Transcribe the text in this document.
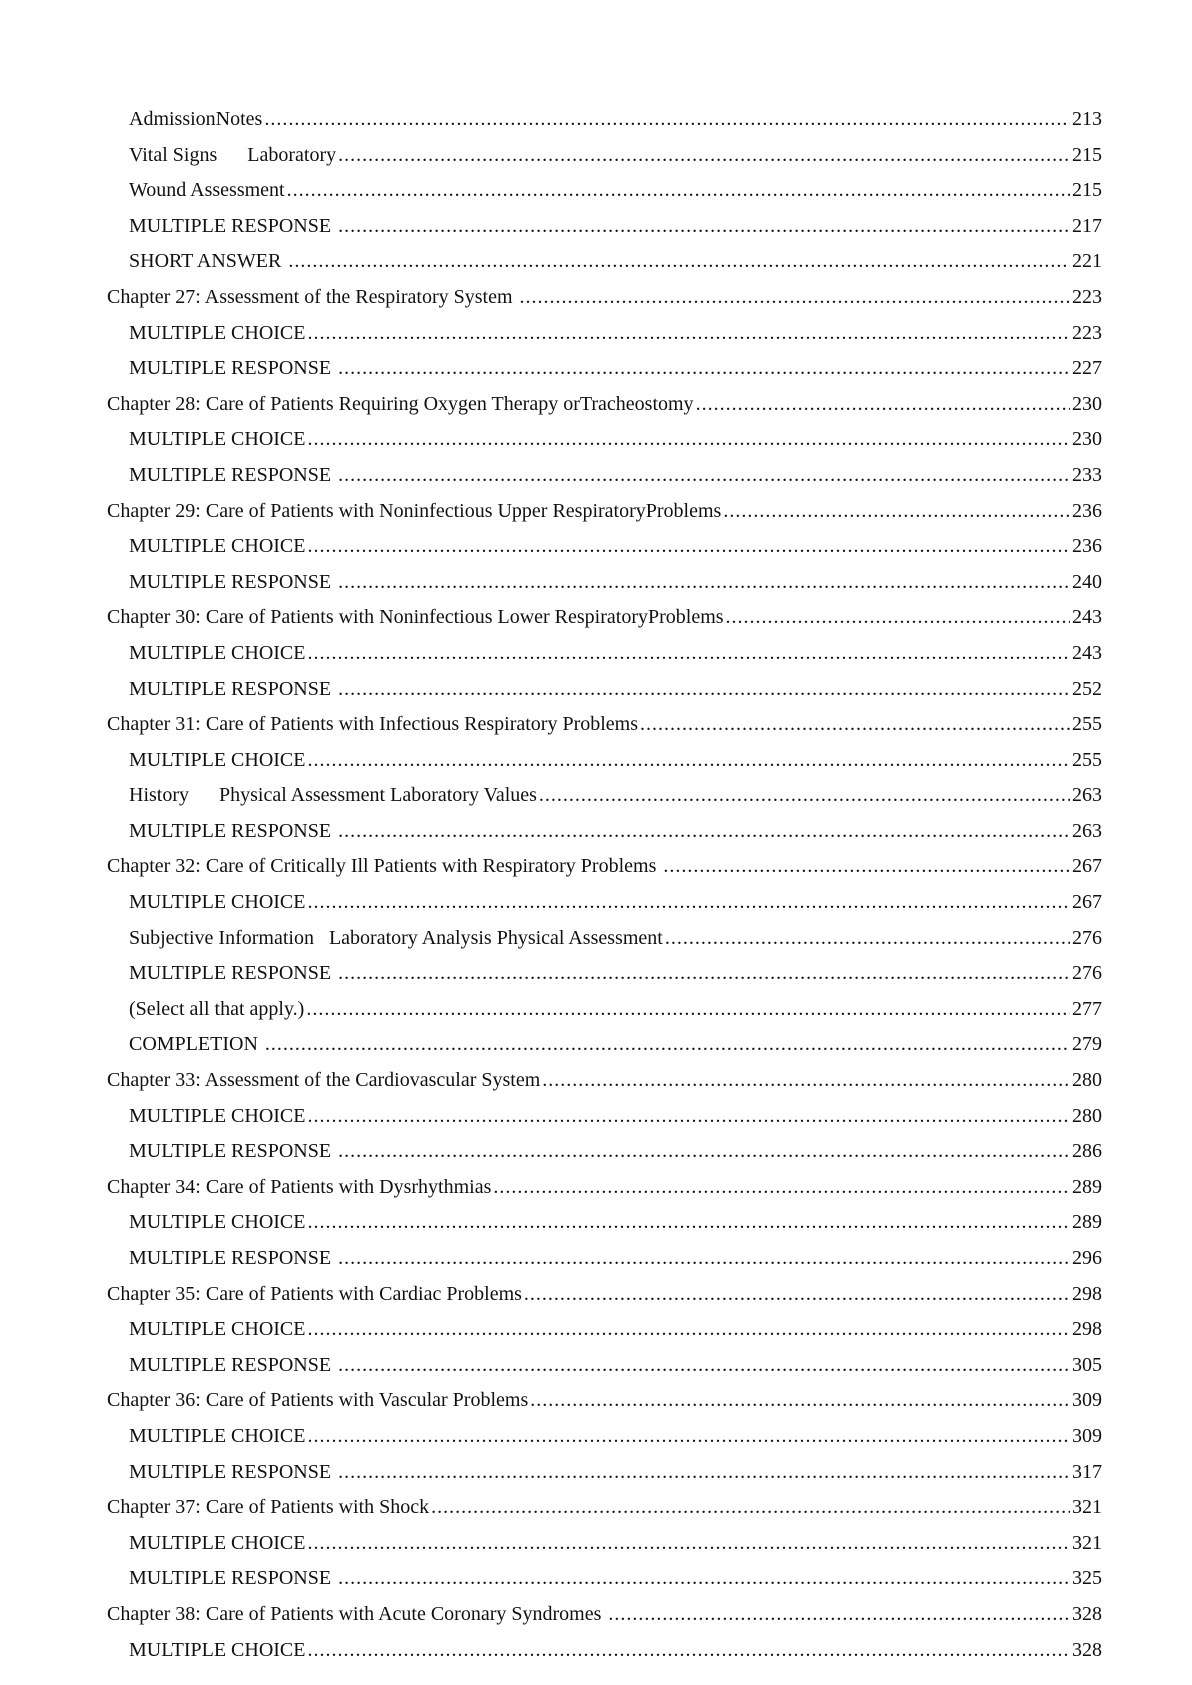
AdmissionNotes .....	213
Vital Signs      Laboratory .....	215
Wound Assessment .....	215
MULTIPLE RESPONSE .....	217
SHORT ANSWER .....	221
Chapter 27: Assessment of the Respiratory System .....	223
MULTIPLE CHOICE .....	223
MULTIPLE RESPONSE .....	227
Chapter 28: Care of Patients Requiring Oxygen Therapy orTracheostomy .....	230
MULTIPLE CHOICE .....	230
MULTIPLE RESPONSE .....	233
Chapter 29: Care of Patients with Noninfectious Upper RespiratoryProblems .....	236
MULTIPLE CHOICE .....	236
MULTIPLE RESPONSE .....	240
Chapter 30: Care of Patients with Noninfectious Lower RespiratoryProblems .....	243
MULTIPLE CHOICE .....	243
MULTIPLE RESPONSE .....	252
Chapter 31: Care of Patients with Infectious Respiratory Problems .....	255
MULTIPLE CHOICE .....	255
History      Physical Assessment Laboratory Values .....	263
MULTIPLE RESPONSE .....	263
Chapter 32: Care of Critically Ill Patients with Respiratory Problems .....	267
MULTIPLE CHOICE .....	267
Subjective Information   Laboratory Analysis Physical Assessment .....	276
MULTIPLE RESPONSE .....	276
(Select all that apply.) .....	277
COMPLETION .....	279
Chapter 33: Assessment of the Cardiovascular System .....	280
MULTIPLE CHOICE .....	280
MULTIPLE RESPONSE .....	286
Chapter 34: Care of Patients with Dysrhythmias .....	289
MULTIPLE CHOICE .....	289
MULTIPLE RESPONSE .....	296
Chapter 35: Care of Patients with Cardiac Problems .....	298
MULTIPLE CHOICE .....	298
MULTIPLE RESPONSE .....	305
Chapter 36: Care of Patients with Vascular Problems .....	309
MULTIPLE CHOICE .....	309
MULTIPLE RESPONSE .....	317
Chapter 37: Care of Patients with Shock .....	321
MULTIPLE CHOICE .....	321
MULTIPLE RESPONSE .....	325
Chapter 38: Care of Patients with Acute Coronary Syndromes .....	328
MULTIPLE CHOICE .....	328
